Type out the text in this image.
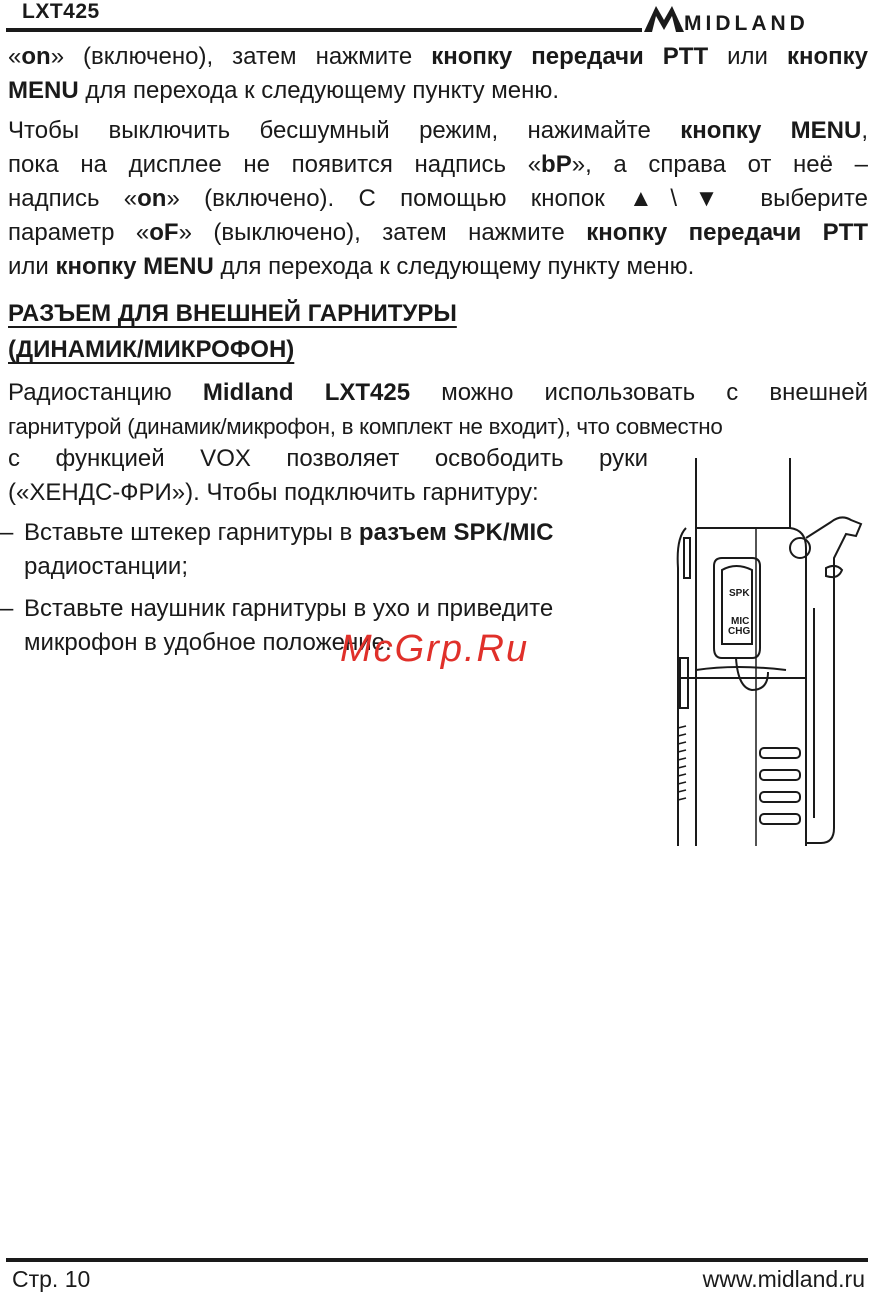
LXT425
MIDLAND

«on» (включено), затем нажмите кнопку передачи PTT или кнопку

MENU для перехода к следующему пункту меню.

Чтобы выключить бесшумный режим, нажимайте кнопку MENU,

пока на дисплее не появится надпись «bP», а справа от неё –

надпись «on» (включено). С помощью кнопок ▲\▼ выберите

параметр «oF» (выключено), затем нажмите кнопку передачи PTT

или кнопку MENU для перехода к следующему пункту меню.

РАЗЪЕМ ДЛЯ ВНЕШНЕЙ ГАРНИТУРЫ
(ДИНАМИК/МИКРОФОН)

Радиостанцию Midland LXT425 можно использовать с внешней

гарнитурой (динамик/микрофон, в комплект не входит), что совместно

с функцией VOX позволяет освободить руки

(«ХЕНДС-ФРИ»). Чтобы подключить гарнитуру:

– Вставьте штекер гарнитуры в разъем SPK/MIC
радиостанции;
– Вставьте наушник гарнитуры в ухо и приведите
микрофон в удобное положение.
SPK
MIC
CHG
McGrp.Ru
Стр. 10	www.midland.ru
